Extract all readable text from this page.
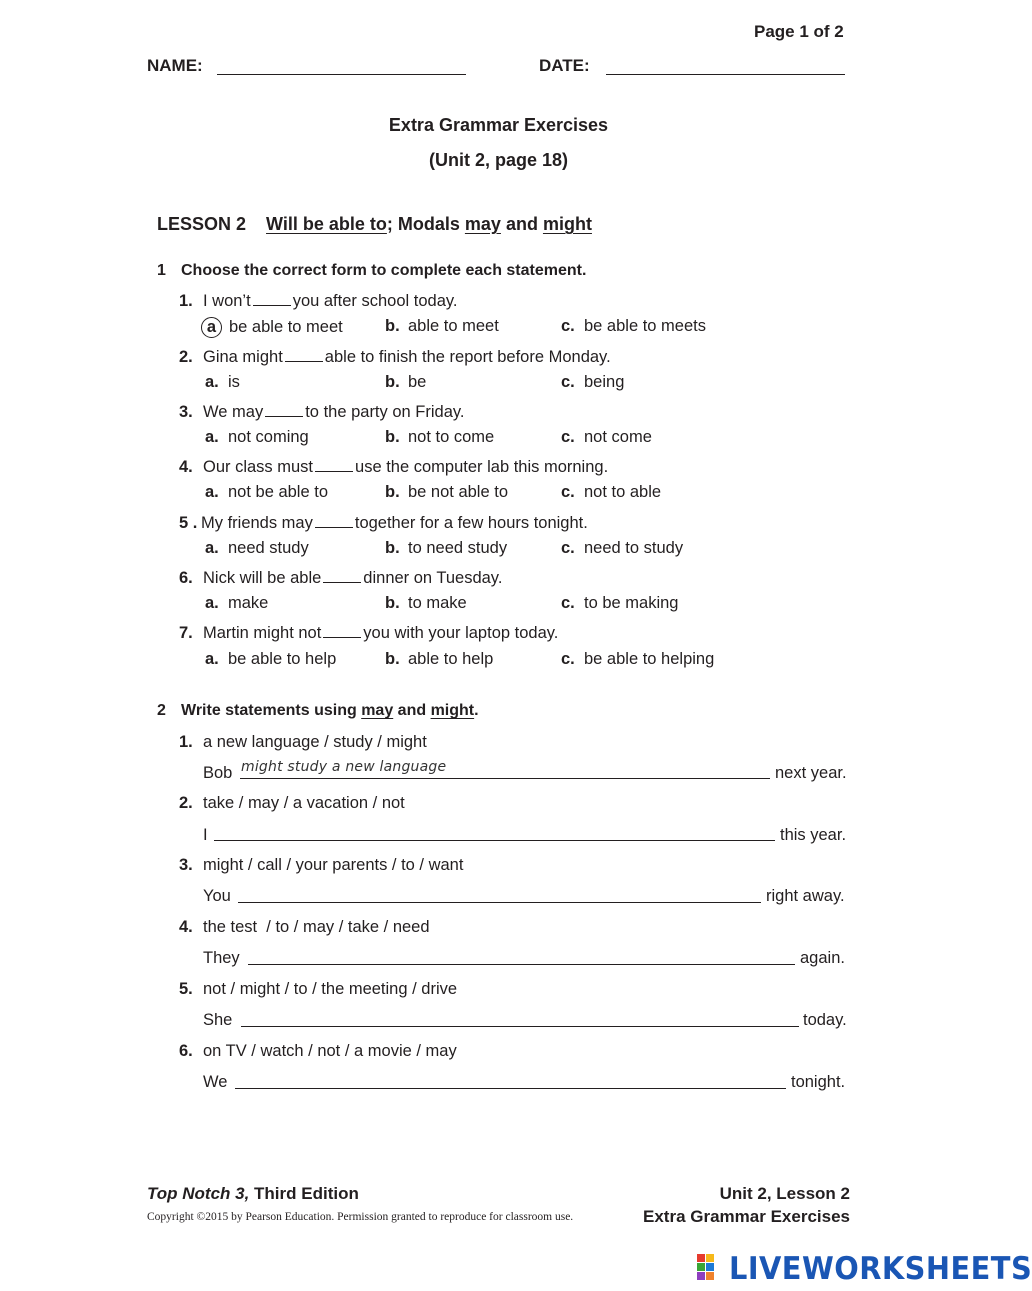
Page 1 of 2
NAME:	DATE:
Extra Grammar Exercises
(Unit 2, page 18)
LESSON 2 Will be able to; Modals may and might
1 Choose the correct form to complete each statement.
1. I won’t	you after school today.
a be able to meet	b. able to meet	c. be able to meets
2. Gina might	able to finish the report before Monday.
a. is	b. be	c. being
3. We may	to the party on Friday.
a. not coming	b. not to come	c. not come
4. Our class must	use the computer lab this morning.
a. not be able to	b. be not able to	c. not to able
5 . My friends may	together for a few hours tonight.
a. need study	b. to need study	c. need to study
6. Nick will be able	dinner on Tuesday.
a. make	b. to make	c. to be making
7. Martin might not	you with your laptop today.
a. be able to help	b. able to help	c. be able to helping
2 Write statements using may and might.
1. a new language / study / might
Bob might study a new language	next year.
2. take / may / a vacation / not
I	this year.
3. might / call / your parents / to / want
You	right away.
4. the test  / to / may / take / need
They	again.
5. not / might / to / the meeting / drive
She	today.
6. on TV / watch / not / a movie / may
We	tonight.
Top Notch 3, Third Edition
Copyright ©2015 by Pearson Education. Permission granted to reproduce for classroom use.
Unit 2, Lesson 2
Extra Grammar Exercises
LIVEWORKSHEETS
